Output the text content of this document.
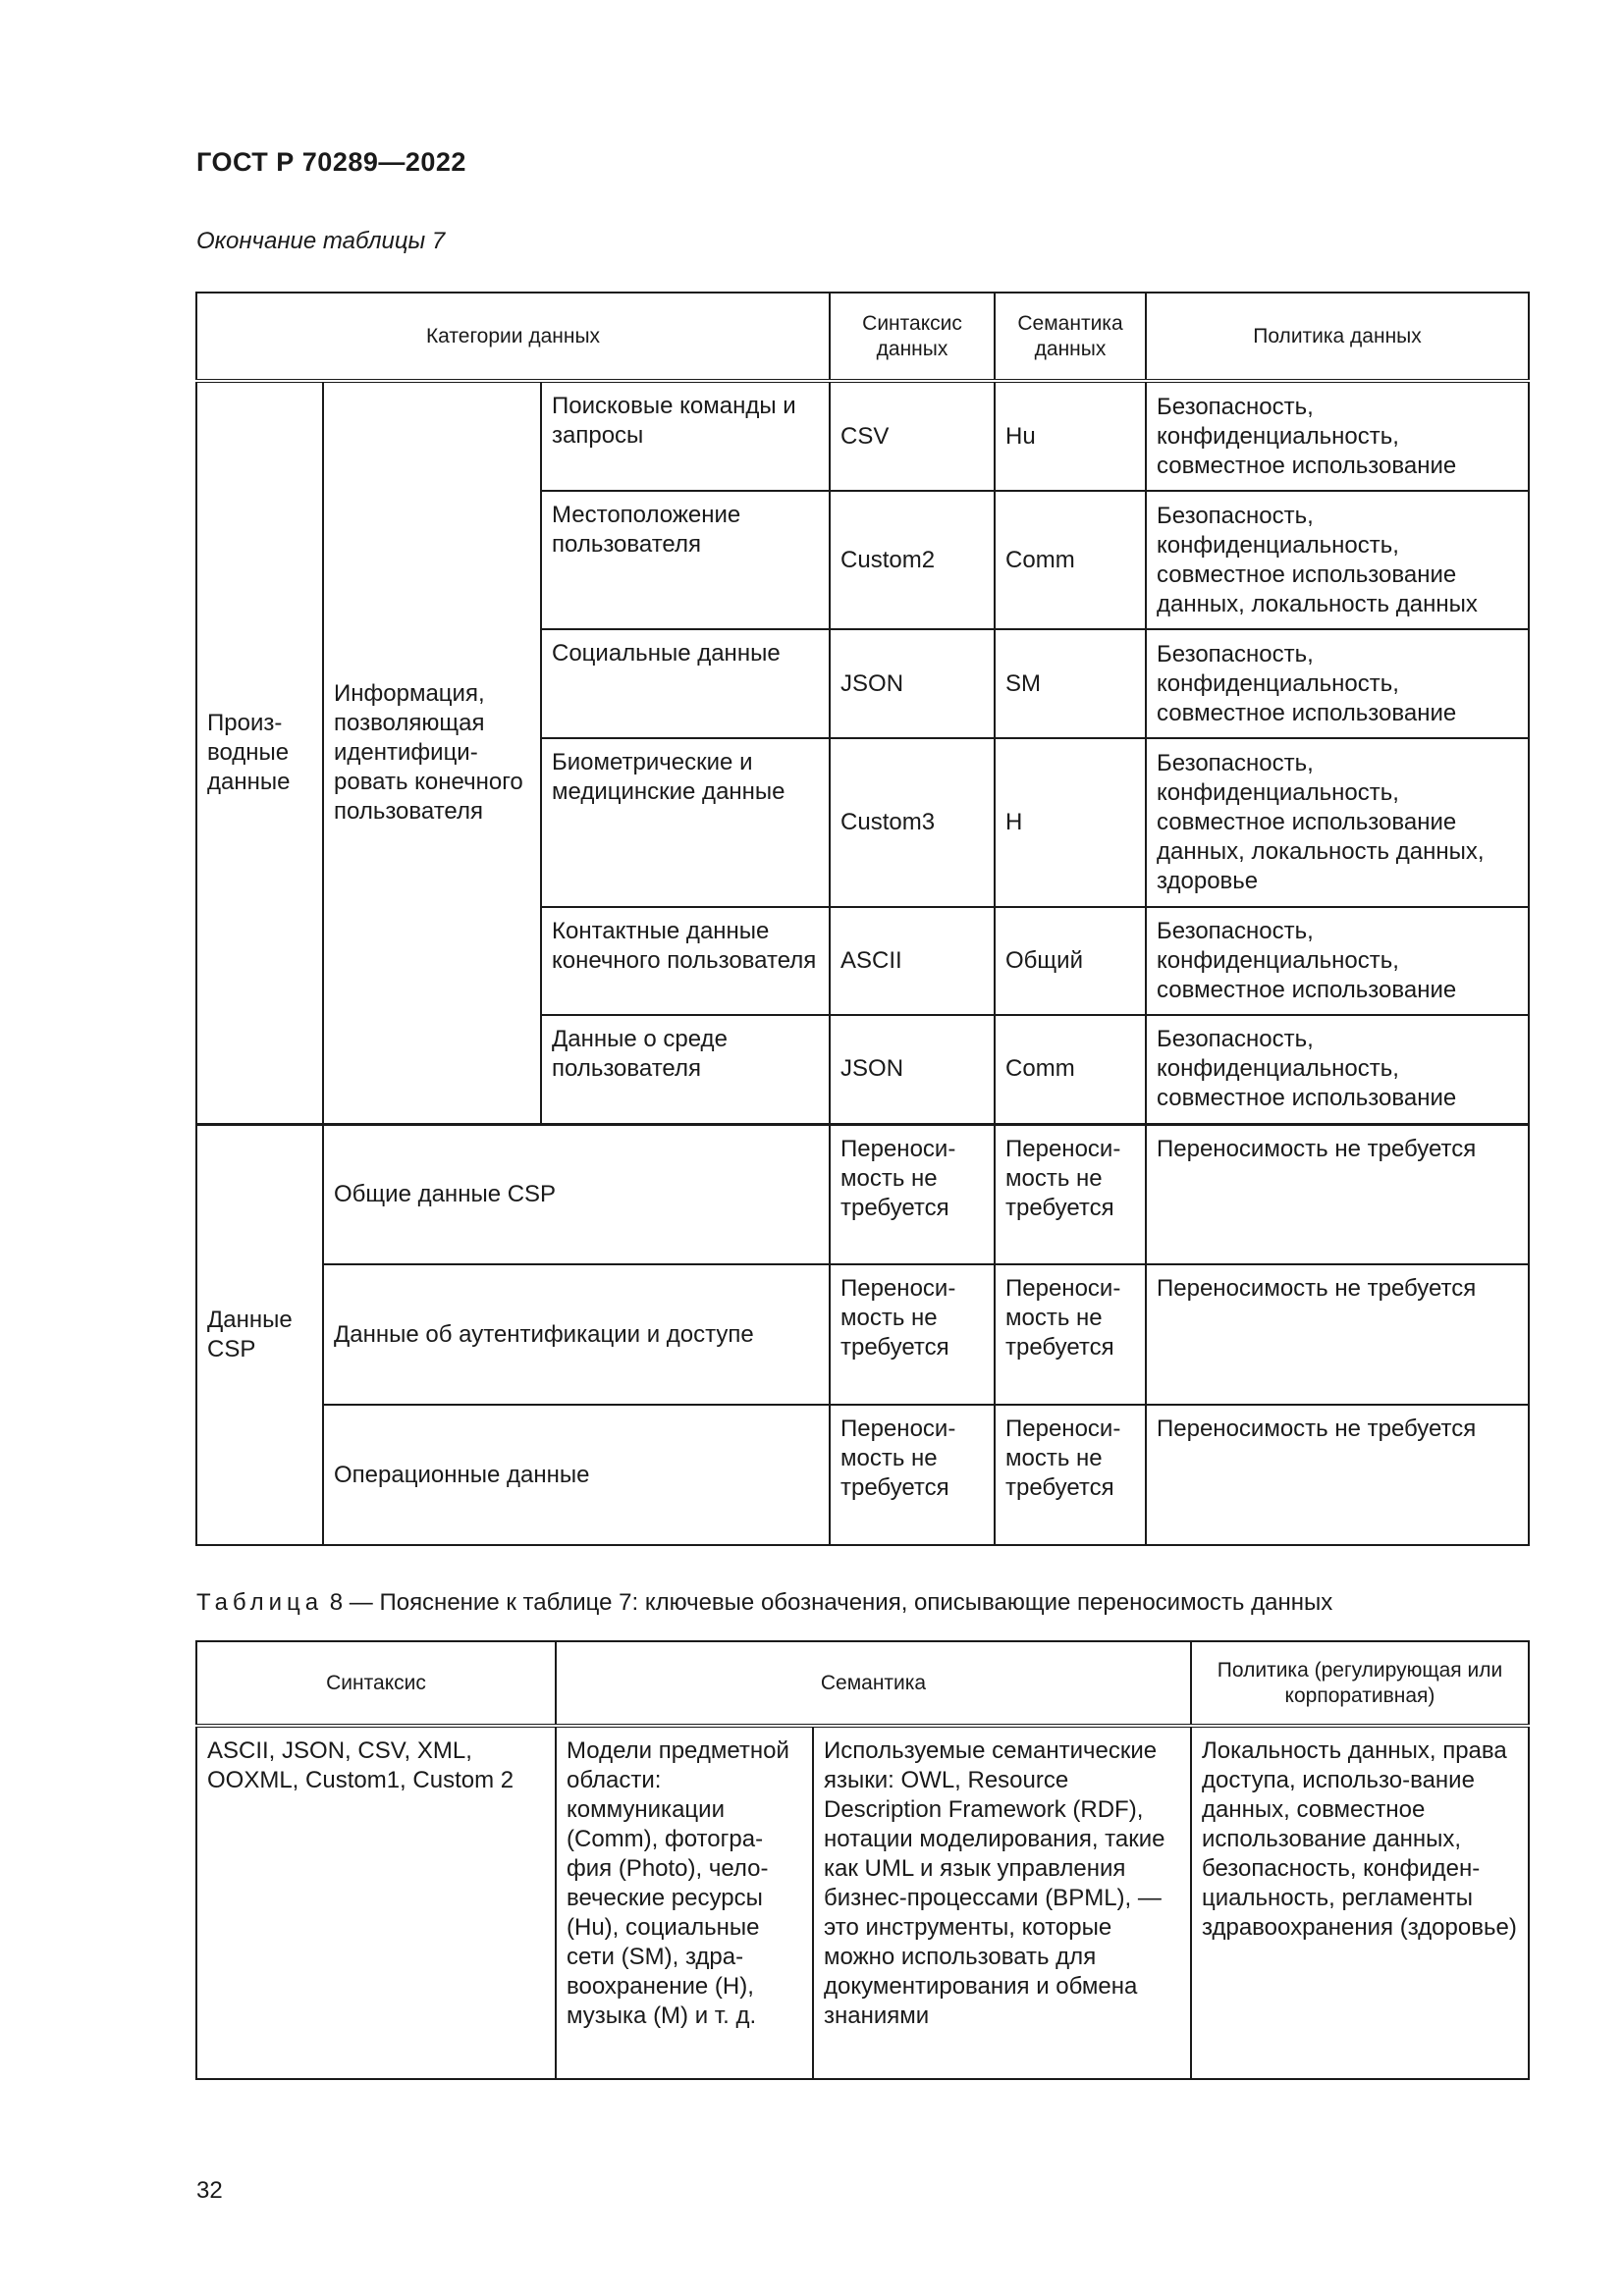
ГОСТ Р 70289—2022
Окончание таблицы 7
Категории данных			Синтаксис данных	Семантика данных	Политика данных
Произ-водные данные	Информация, позволяющая идентифици-ровать конечного пользователя	Поисковые команды и запросы	CSV	Hu	Безопасность, конфиденциальность, совместное использование
		Местоположение пользователя	Custom2	Comm	Безопасность, конфиденциальность, совместное использование данных, локальность данных
		Социальные данные	JSON	SM	Безопасность, конфиденциальность, совместное использование
		Биометрические и медицинские данные	Custom3	H	Безопасность, конфиденциальность, совместное использование данных, локальность данных, здоровье
		Контактные данные конечного пользователя	ASCII	Общий	Безопасность, конфиденциальность, совместное использование
		Данные о среде пользователя	JSON	Comm	Безопасность, конфиденциальность, совместное использование
Данные CSP	Общие данные CSP		Переноси-мость не требуется	Переноси-мость не требуется	Переносимость не требуется
	Данные об аутентификации и доступе		Переноси-мость не требуется	Переноси-мость не требуется	Переносимость не требуется
	Операционные данные		Переноси-мость не требуется	Переноси-мость не требуется	Переносимость не требуется
Таблица 8 — Пояснение к таблице 7: ключевые обозначения, описывающие переносимость данных
Синтаксис	Семантика		Политика (регулирующая или корпоративная)
ASCII, JSON, CSV, XML, OOXML, Custom1, Custom 2	Модели предметной области: коммуникации (Comm), фотогра-фия (Photo), чело-веческие ресурсы (Hu), социальные сети (SM), здра-воохранение (H), музыка (M) и т. д.	Используемые семантические языки: OWL, Resource Description Framework (RDF), нотации моделирования, такие как UML и язык управления бизнес-процессами (BPML), — это инструменты, которые можно использовать для документирования и обмена знаниями	Локальность данных, права доступа, использо-вание данных, совместное использование данных, безопасность, конфиден-циальность, регламенты здравоохранения (здоровье)
32
